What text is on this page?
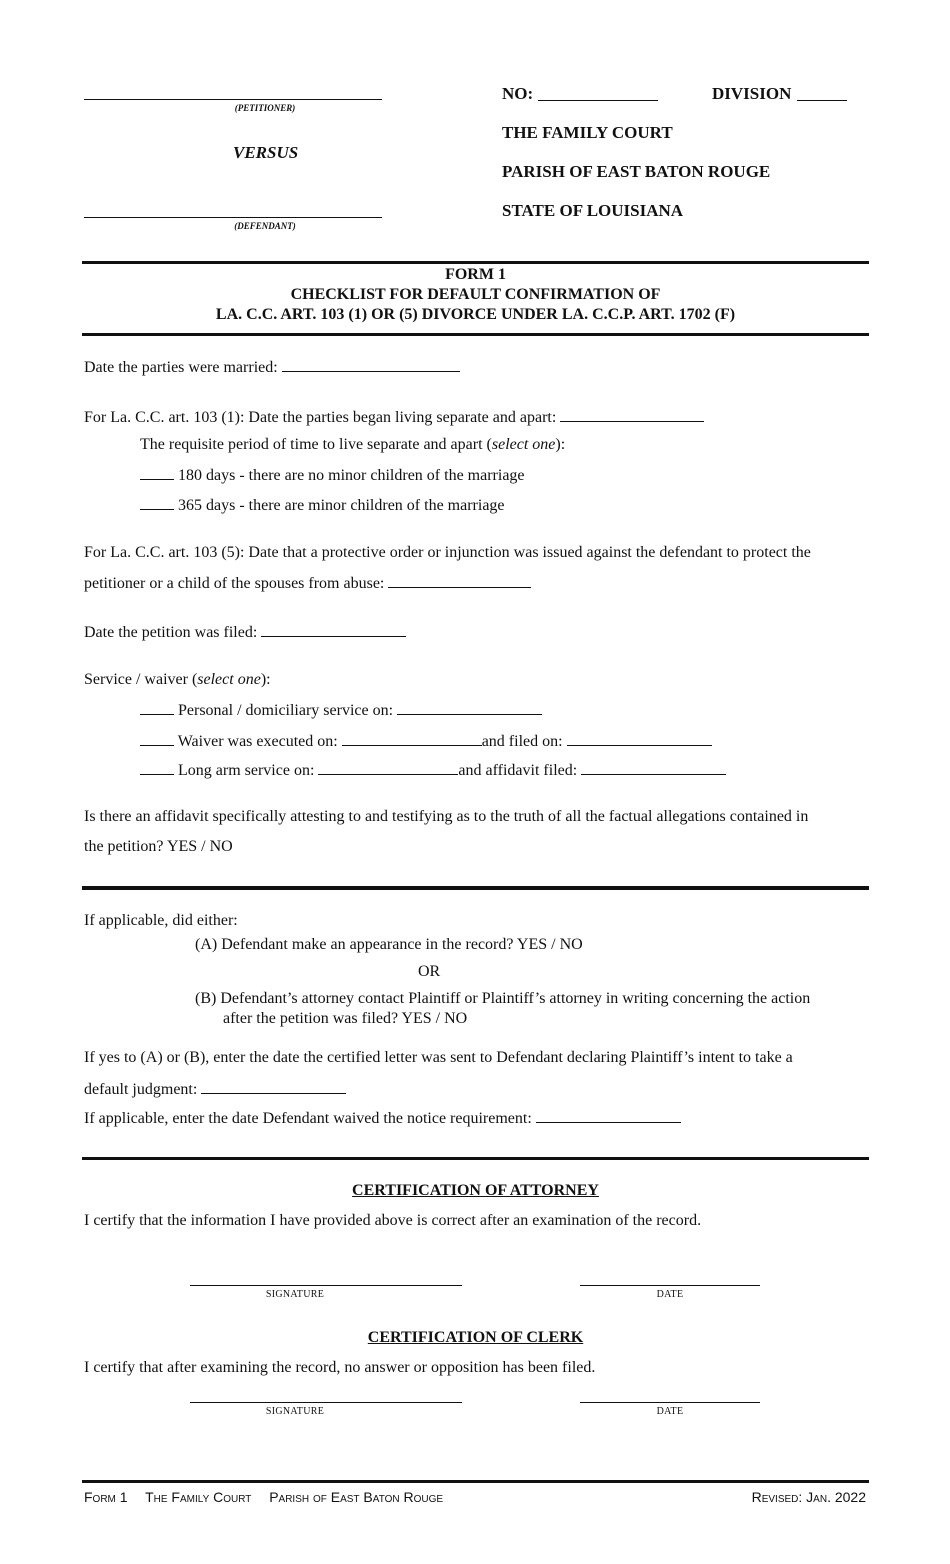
(PETITIONER)
VERSUS
(DEFENDANT)
NO:	DIVISION
THE FAMILY COURT
PARISH OF EAST BATON ROUGE
STATE OF LOUISIANA
FORM 1
CHECKLIST FOR DEFAULT CONFIRMATION OF
LA. C.C. ART. 103 (1) OR (5) DIVORCE UNDER LA. C.C.P. ART. 1702 (F)
Date the parties were married:
For La. C.C. art. 103 (1): Date the parties began living separate and apart:
The requisite period of time to live separate and apart (select one):
180 days - there are no minor children of the marriage
365 days - there are minor children of the marriage
For La. C.C. art. 103 (5): Date that a protective order or injunction was issued against the defendant to protect the
petitioner or a child of the spouses from abuse:
Date the petition was filed:
Service / waiver (select one):
Personal / domiciliary service on:
Waiver was executed on:	and filed on:
Long arm service on:	and affidavit filed:
Is there an affidavit specifically attesting to and testifying as to the truth of all the factual allegations contained in
the petition? YES / NO
If applicable, did either:
(A) Defendant make an appearance in the record? YES / NO
OR
(B) Defendant’s attorney contact Plaintiff or Plaintiff’s attorney in writing concerning the action
after the petition was filed? YES / NO
If yes to (A) or (B), enter the date the certified letter was sent to Defendant declaring Plaintiff’s intent to take a
default judgment:
If applicable, enter the date Defendant waived the notice requirement:
CERTIFICATION OF ATTORNEY
I certify that the information I have provided above is correct after an examination of the record.
SIGNATURE	DATE
CERTIFICATION OF CLERK
I certify that after examining the record, no answer or opposition has been filed.
SIGNATURE	DATE
Form 1 The Family Court Parish of East Baton Rouge	Revised: Jan. 2022
